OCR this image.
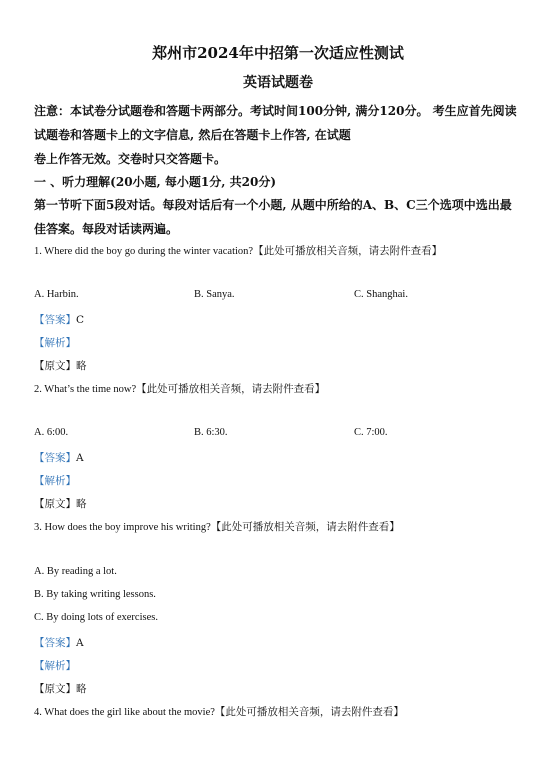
郑州市2024年中招第一次适应性测试
英语试题卷
注意：本试卷分试题卷和答题卡两部分。考试时间100分钟, 满分120分。 考生应首先阅读
试题卷和答题卡上的文字信息, 然后在答题卡上作答, 在试题
卷上作答无效。交卷时只交答题卡。
一 、听力理解(20小题, 每小题1分, 共20分)
第一节听下面5段对话。每段对话后有一个小题, 从题中所给的A、B、C三个选项中选出最
佳答案。每段对话读两遍。
1. Where did the boy go during the winter vacation?【此处可播放相关音频，请去附件查看】
A. Harbin.	B. Sanya.	C. Shanghai.
【答案】C
【解析】
【原文】略
2. What’s the time now?【此处可播放相关音频，请去附件查看】
A. 6:00.	B. 6:30.	C. 7:00.
【答案】A
【解析】
【原文】略
3. How does the boy improve his writing?【此处可播放相关音频，请去附件查看】
A. By reading a lot.
B. By taking writing lessons.
C. By doing lots of exercises.
【答案】A
【解析】
【原文】略
4. What does the girl like about the movie?【此处可播放相关音频，请去附件查看】
